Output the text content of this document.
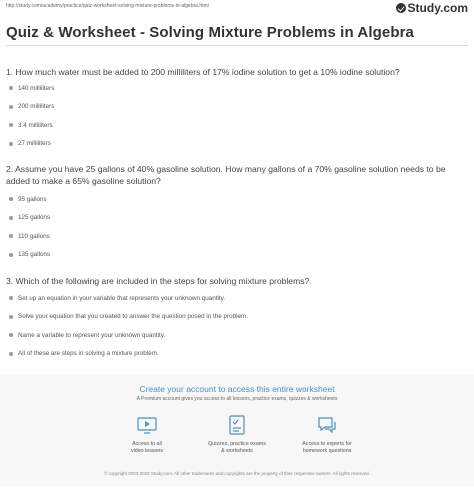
http://study.com/academy/practice/quiz-worksheet-solving-mixture-problems-in-algebra.html	Study.com
Quiz & Worksheet - Solving Mixture Problems in Algebra
1. How much water must be added to 200 milliliters of 17% iodine solution to get a 10% iodine solution?
140 milliliters
200 milliliters
3.4 milliliters
27 milliliters
2. Assume you have 25 gallons of 40% gasoline solution. How many gallons of a 70% gasoline solution needs to be added to make a 65% gasoline solution?
95 gallons
125 gallons
110 gallons
135 gallons
3. Which of the following are included in the steps for solving mixture problems?
Set up an equation in your variable that represents your unknown quantity.
Solve your equation that you created to answer the question posed in the problem.
Name a variable to represent your unknown quantity.
All of these are steps in solving a mixture problem.
Create your account to access this entire worksheet
A Premium account gives you access to all lessons, practice exams, quizzes & worksheets
Access to all
video lessons
Quizzes, practice exams
& worksheets
Access to experts for
homework questions
© copyright 2003-2020 Study.com. All other trademarks and copyrights are the property of their respective owners. All rights reserved.
